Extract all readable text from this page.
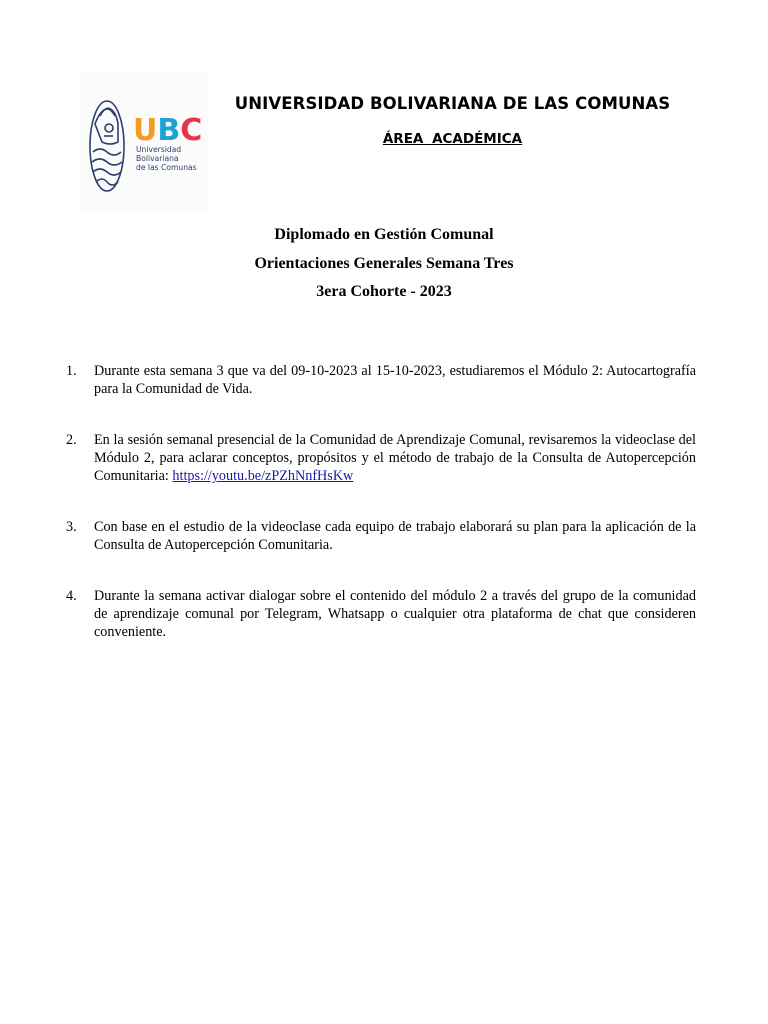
UBC
Universidad
Bolivariana
de las Comunas
UNIVERSIDAD BOLIVARIANA DE LAS COMUNAS
ÁREA ACADÉMICA
Diplomado en Gestión Comunal
Orientaciones Generales Semana Tres
3era Cohorte - 2023
1.	Durante esta semana 3 que va del 09-10-2023 al 15-10-2023, estudiaremos el Módulo 2: Autocartografía para la Comunidad de Vida.
2.	En la sesión semanal presencial de la Comunidad de Aprendizaje Comunal, revisaremos la videoclase del Módulo 2, para aclarar conceptos, propósitos y el método de trabajo de la Consulta de Autopercepción Comunitaria: https://youtu.be/zPZhNnfHsKw
3.	Con base en el estudio de la videoclase cada equipo de trabajo elaborará su plan para la aplicación de la Consulta de Autopercepción Comunitaria.
4.	Durante la semana activar dialogar sobre el contenido del módulo 2 a través del grupo de la comunidad de aprendizaje comunal por Telegram, Whatsapp o cualquier otra plataforma de chat que consideren conveniente.
